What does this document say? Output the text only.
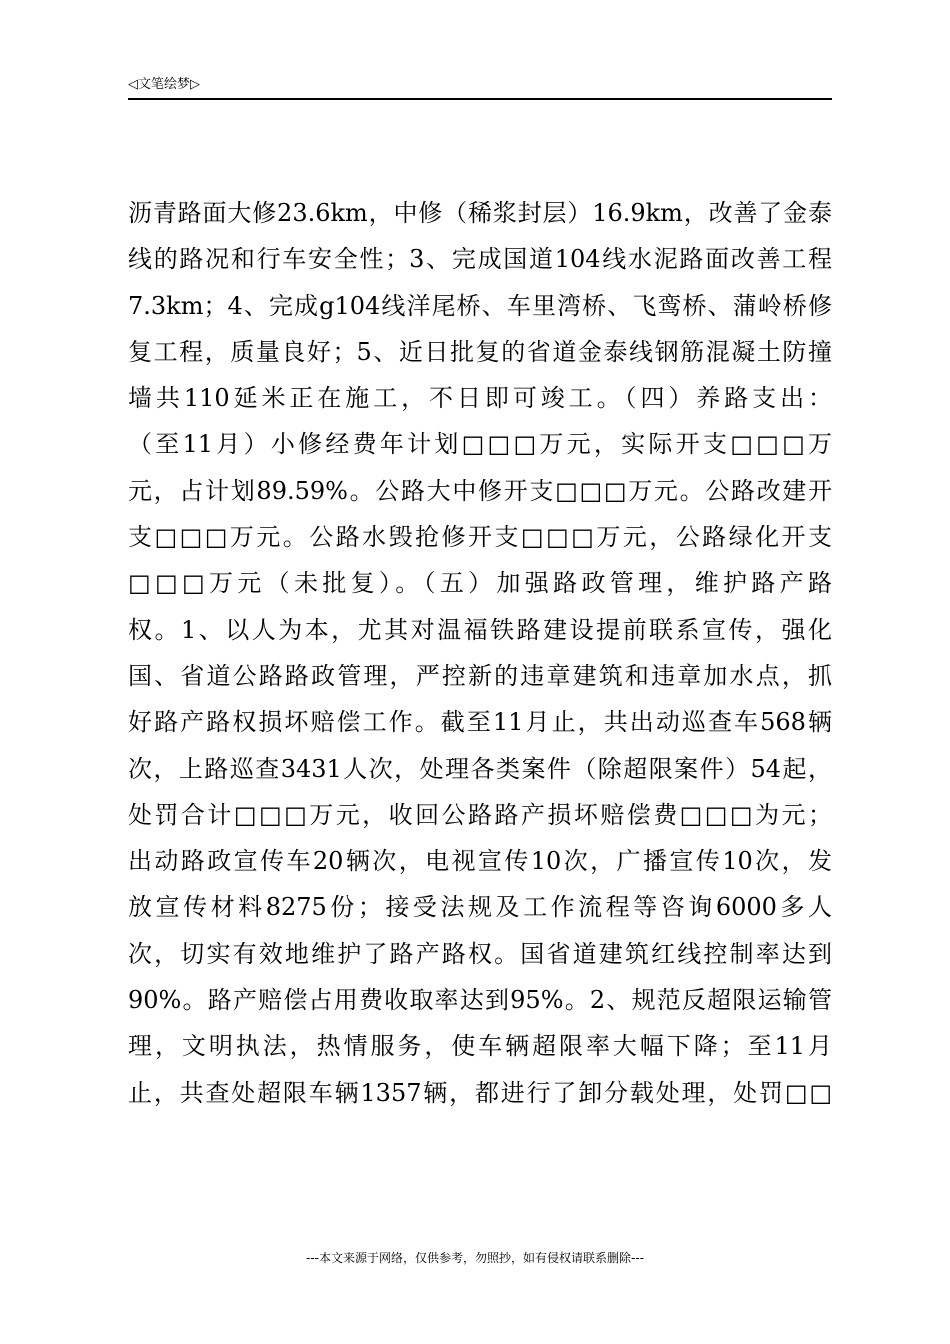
◁文笔绘梦▷
沥青路面大修23.6km，中修（稀浆封层）16.9km，改善了金泰
线的路况和行车安全性；3、完成国道104线水泥路面改善工程
7.3km；4、完成g104线洋尾桥、车里湾桥、飞鸾桥、蒲岭桥修
复工程，质量良好；5、近日批复的省道金泰线钢筋混凝土防撞
墙共110延米正在施工，不日即可竣工。（四）养路支出：
（至11月）小修经费年计划□□□万元，实际开支□□□万
元，占计划89.59%。公路大中修开支□□□万元。公路改建开
支□□□万元。公路水毁抢修开支□□□万元，公路绿化开支
□□□万元（未批复）。（五）加强路政管理，维护路产路
权。1、以人为本，尤其对温福铁路建设提前联系宣传，强化
国、省道公路路政管理，严控新的违章建筑和违章加水点，抓
好路产路权损坏赔偿工作。截至11月止，共出动巡查车568辆
次，上路巡查3431人次，处理各类案件（除超限案件）54起，
处罚合计□□□万元，收回公路路产损坏赔偿费□□□为元；
出动路政宣传车20辆次，电视宣传10次，广播宣传10次，发
放宣传材料8275份；接受法规及工作流程等咨询6000多人
次，切实有效地维护了路产路权。国省道建筑红线控制率达到
90%。路产赔偿占用费收取率达到95%。2、规范反超限运输管
理，文明执法，热情服务，使车辆超限率大幅下降；至11月
止，共查处超限车辆1357辆，都进行了卸分载处理，处罚□□
---本文来源于网络，仅供参考，勿照抄，如有侵权请联系删除---
